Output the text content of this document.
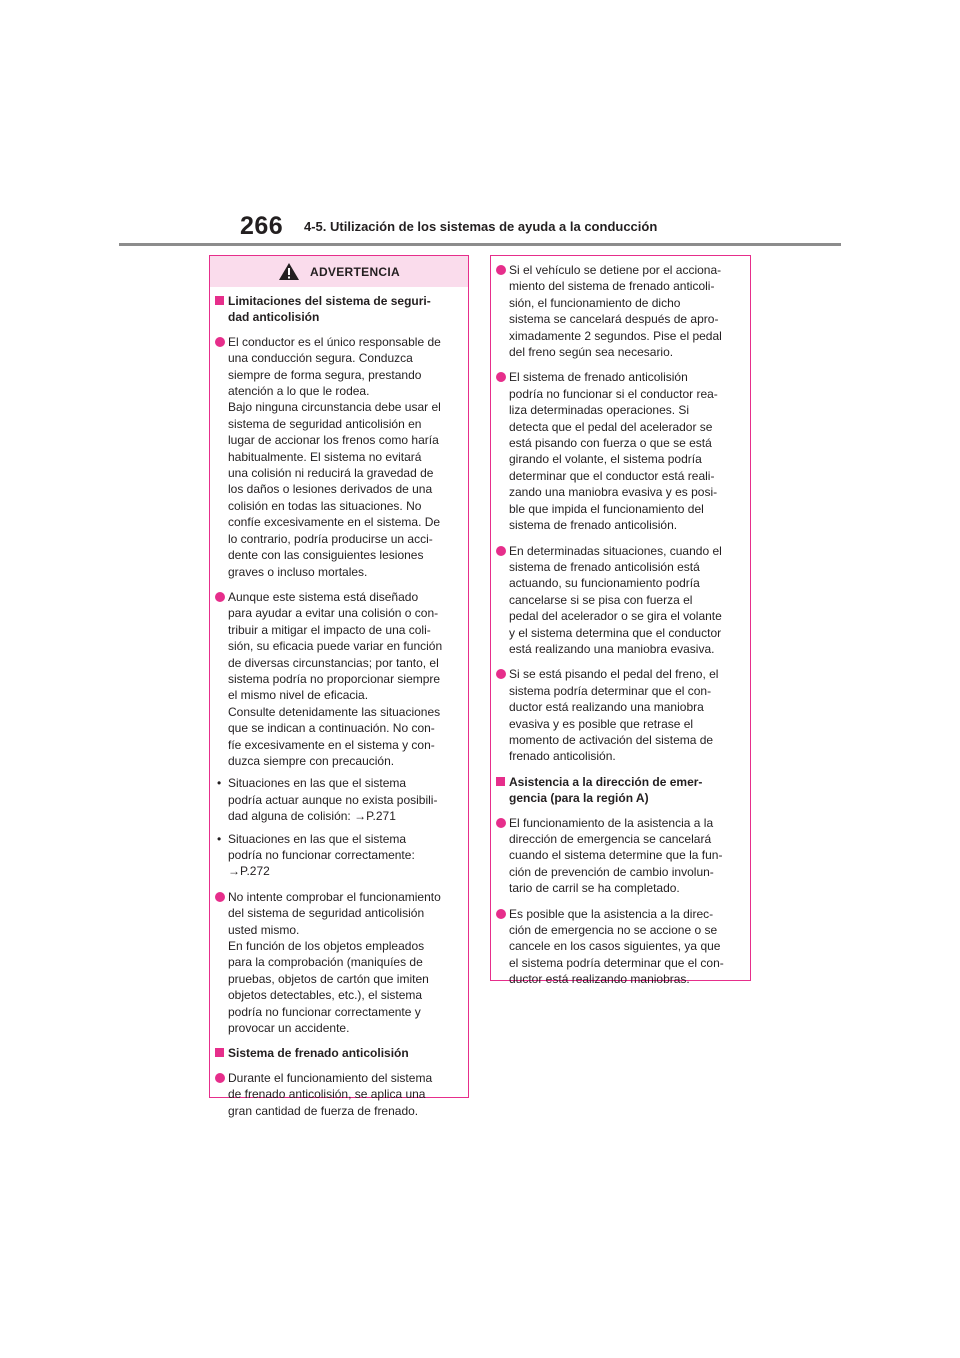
266 4-5. Utilización de los sistemas de ayuda a la conducción
ADVERTENCIA
Limitaciones del sistema de seguri-
dad anticolisión
El conductor es el único responsable de
una conducción segura. Conduzca
siempre de forma segura, prestando
atención a lo que le rodea.
Bajo ninguna circunstancia debe usar el
sistema de seguridad anticolisión en
lugar de accionar los frenos como haría
habitualmente. El sistema no evitará
una colisión ni reducirá la gravedad de
los daños o lesiones derivados de una
colisión en todas las situaciones. No
confíe excesivamente en el sistema. De
lo contrario, podría producirse un acci-
dente con las consiguientes lesiones
graves o incluso mortales.
Aunque este sistema está diseñado
para ayudar a evitar una colisión o con-
tribuir a mitigar el impacto de una coli-
sión, su eficacia puede variar en función
de diversas circunstancias; por tanto, el
sistema podría no proporcionar siempre
el mismo nivel de eficacia.
Consulte detenidamente las situaciones
que se indican a continuación. No con-
fíe excesivamente en el sistema y con-
duzca siempre con precaución.
• Situaciones en las que el sistema
podría actuar aunque no exista posibili-
dad alguna de colisión: →P.271
• Situaciones en las que el sistema
podría no funcionar correctamente:
→P.272
No intente comprobar el funcionamiento
del sistema de seguridad anticolisión
usted mismo.
En función de los objetos empleados
para la comprobación (maniquíes de
pruebas, objetos de cartón que imiten
objetos detectables, etc.), el sistema
podría no funcionar correctamente y
provocar un accidente.
Sistema de frenado anticolisión
Durante el funcionamiento del sistema
de frenado anticolisión, se aplica una
gran cantidad de fuerza de frenado.
Si el vehículo se detiene por el acciona-
miento del sistema de frenado anticoli-
sión, el funcionamiento de dicho
sistema se cancelará después de apro-
ximadamente 2 segundos. Pise el pedal
del freno según sea necesario.
El sistema de frenado anticolisión
podría no funcionar si el conductor rea-
liza determinadas operaciones. Si
detecta que el pedal del acelerador se
está pisando con fuerza o que se está
girando el volante, el sistema podría
determinar que el conductor está reali-
zando una maniobra evasiva y es posi-
ble que impida el funcionamiento del
sistema de frenado anticolisión.
En determinadas situaciones, cuando el
sistema de frenado anticolisión está
actuando, su funcionamiento podría
cancelarse si se pisa con fuerza el
pedal del acelerador o se gira el volante
y el sistema determina que el conductor
está realizando una maniobra evasiva.
Si se está pisando el pedal del freno, el
sistema podría determinar que el con-
ductor está realizando una maniobra
evasiva y es posible que retrase el
momento de activación del sistema de
frenado anticolisión.
Asistencia a la dirección de emer-
gencia (para la región A)
El funcionamiento de la asistencia a la
dirección de emergencia se cancelará
cuando el sistema determine que la fun-
ción de prevención de cambio involun-
tario de carril se ha completado.
Es posible que la asistencia a la direc-
ción de emergencia no se accione o se
cancele en los casos siguientes, ya que
el sistema podría determinar que el con-
ductor está realizando maniobras.
